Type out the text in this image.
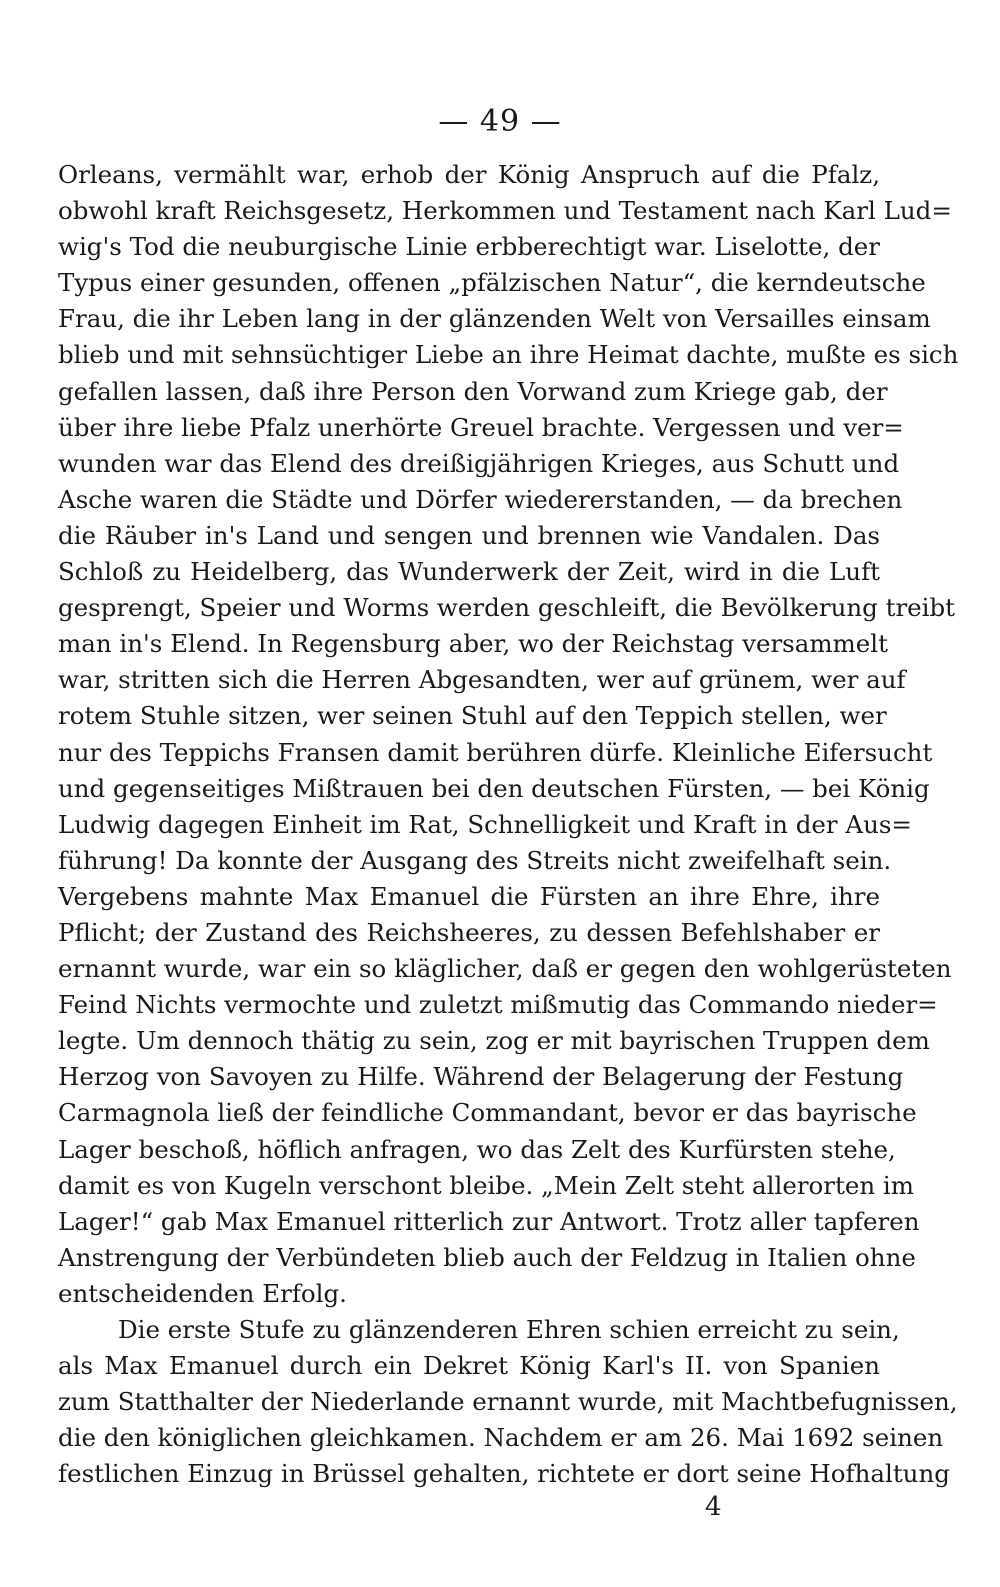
— 49 —
Orleans, vermählt war, erhob der König Anspruch auf die Pfalz,
obwohl kraft Reichsgesetz, Herkommen und Testament nach Karl Lud=
wig's Tod die neuburgische Linie erbberechtigt war. Liselotte, der
Typus einer gesunden, offenen „pfälzischen Natur“, die kerndeutsche
Frau, die ihr Leben lang in der glänzenden Welt von Versailles einsam
blieb und mit sehnsüchtiger Liebe an ihre Heimat dachte, mußte es sich
gefallen lassen, daß ihre Person den Vorwand zum Kriege gab, der
über ihre liebe Pfalz unerhörte Greuel brachte. Vergessen und ver=
wunden war das Elend des dreißigjährigen Krieges, aus Schutt und
Asche waren die Städte und Dörfer wiedererstanden, — da brechen
die Räuber in's Land und sengen und brennen wie Vandalen. Das
Schloß zu Heidelberg, das Wunderwerk der Zeit, wird in die Luft
gesprengt, Speier und Worms werden geschleift, die Bevölkerung treibt
man in's Elend. In Regensburg aber, wo der Reichstag versammelt
war, stritten sich die Herren Abgesandten, wer auf grünem, wer auf
rotem Stuhle sitzen, wer seinen Stuhl auf den Teppich stellen, wer
nur des Teppichs Fransen damit berühren dürfe. Kleinliche Eifersucht
und gegenseitiges Mißtrauen bei den deutschen Fürsten, — bei König
Ludwig dagegen Einheit im Rat, Schnelligkeit und Kraft in der Aus=
führung! Da konnte der Ausgang des Streits nicht zweifelhaft sein.
Vergebens mahnte Max Emanuel die Fürsten an ihre Ehre, ihre
Pflicht; der Zustand des Reichsheeres, zu dessen Befehlshaber er
ernannt wurde, war ein so kläglicher, daß er gegen den wohlgerüsteten
Feind Nichts vermochte und zuletzt mißmutig das Commando nieder=
legte. Um dennoch thätig zu sein, zog er mit bayrischen Truppen dem
Herzog von Savoyen zu Hilfe. Während der Belagerung der Festung
Carmagnola ließ der feindliche Commandant, bevor er das bayrische
Lager beschoß, höflich anfragen, wo das Zelt des Kurfürsten stehe,
damit es von Kugeln verschont bleibe. „Mein Zelt steht allerorten im
Lager!“ gab Max Emanuel ritterlich zur Antwort. Trotz aller tapferen
Anstrengung der Verbündeten blieb auch der Feldzug in Italien ohne
entscheidenden Erfolg.
Die erste Stufe zu glänzenderen Ehren schien erreicht zu sein,
als Max Emanuel durch ein Dekret König Karl's II. von Spanien
zum Statthalter der Niederlande ernannt wurde, mit Machtbefugnissen,
die den königlichen gleichkamen. Nachdem er am 26. Mai 1692 seinen
festlichen Einzug in Brüssel gehalten, richtete er dort seine Hofhaltung
4
